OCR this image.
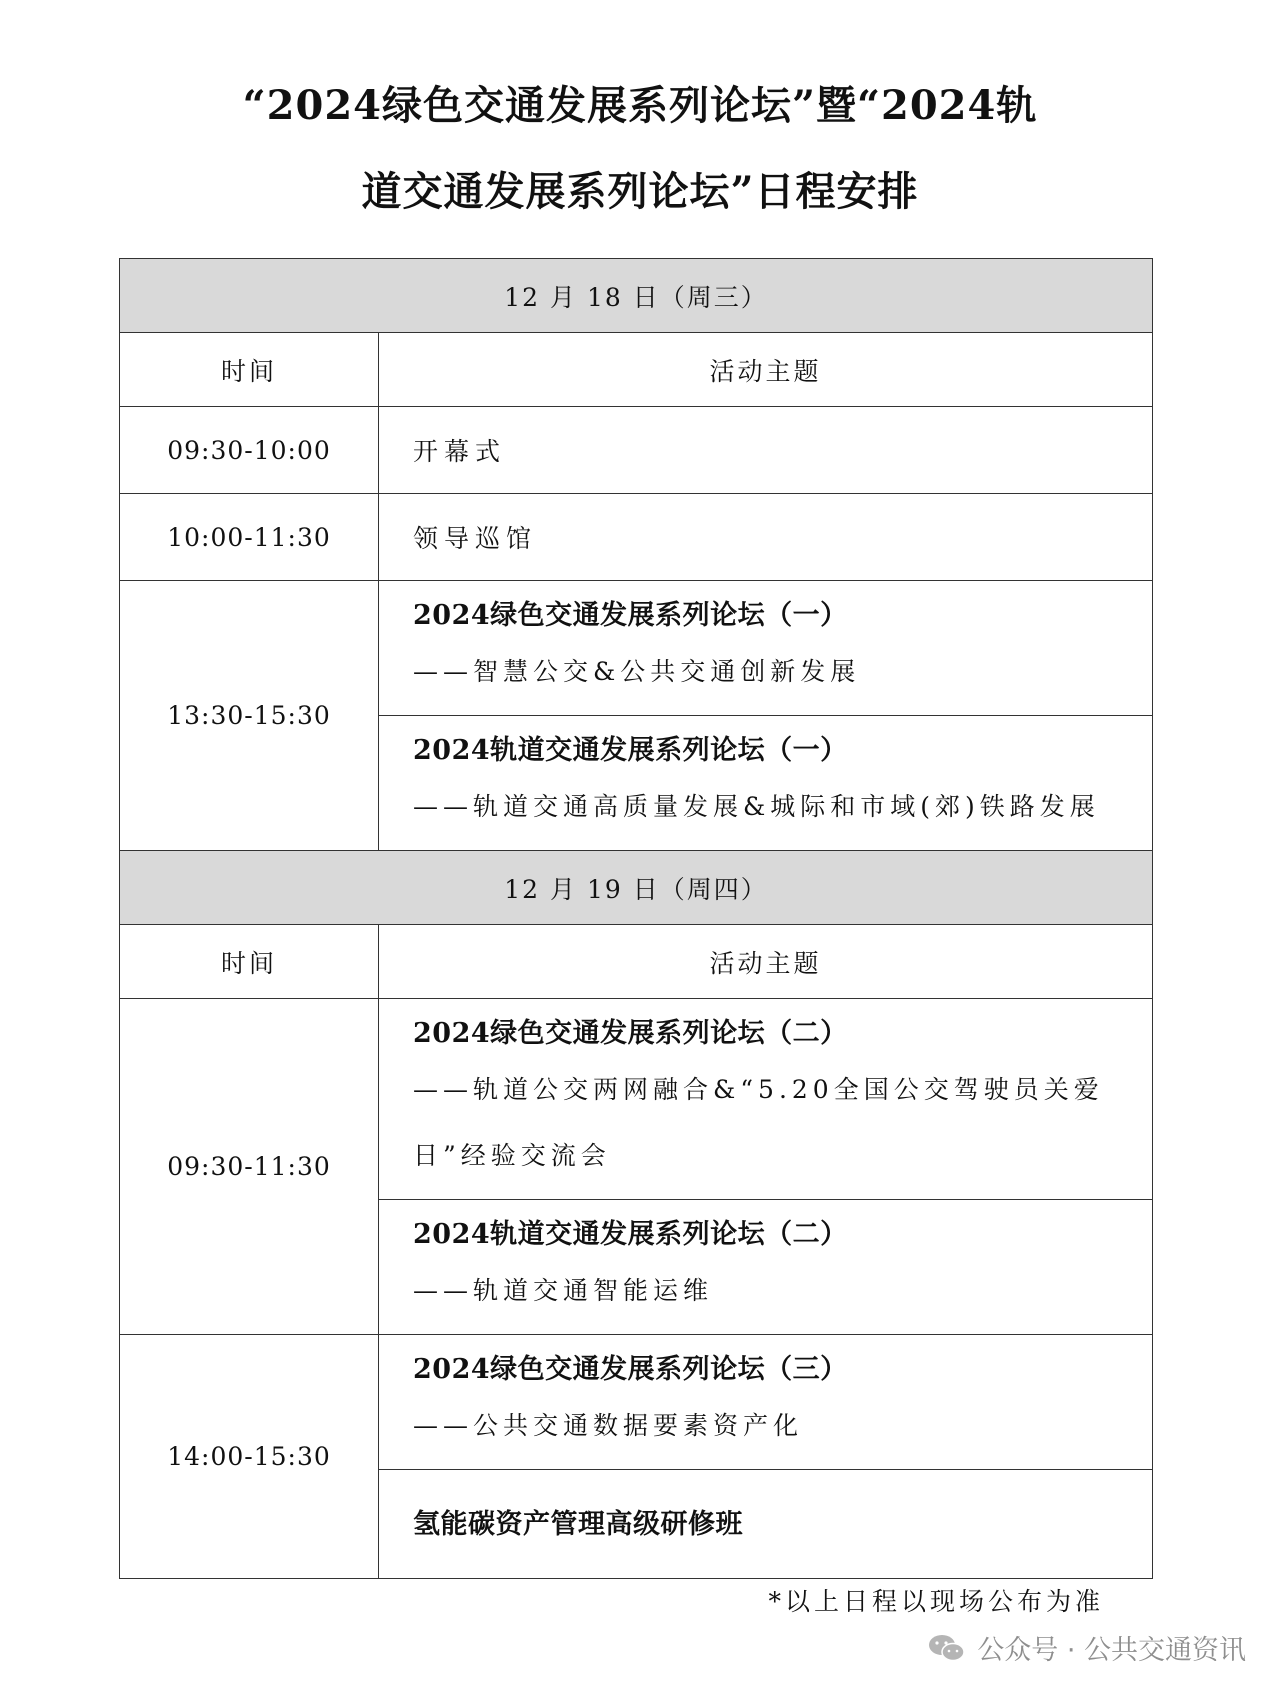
“2024绿色交通发展系列论坛”暨“2024轨
道交通发展系列论坛”日程安排
12 月 18 日（周三）	
时间	活动主题
09:30-10:00	开幕式
10:00-11:30	领导巡馆
13:30-15:30	2024绿色交通发展系列论坛（一）
——智慧公交&公共交通创新发展

	2024轨道交通发展系列论坛（一）
——轨道交通高质量发展&城际和市域(郊)铁路发展

12 月 19 日（周四）	
时间	活动主题
09:30-11:30	2024绿色交通发展系列论坛（二）
——轨道公交两网融合&“5.20全国公交驾驶员关爱日”经验交流会

	2024轨道交通发展系列论坛（二）
——轨道交通智能运维

14:00-15:30	2024绿色交通发展系列论坛（三）
——公共交通数据要素资产化

	氢能碳资产管理高级研修班
*以上日程以现场公布为准
公众号 · 公共交通资讯
